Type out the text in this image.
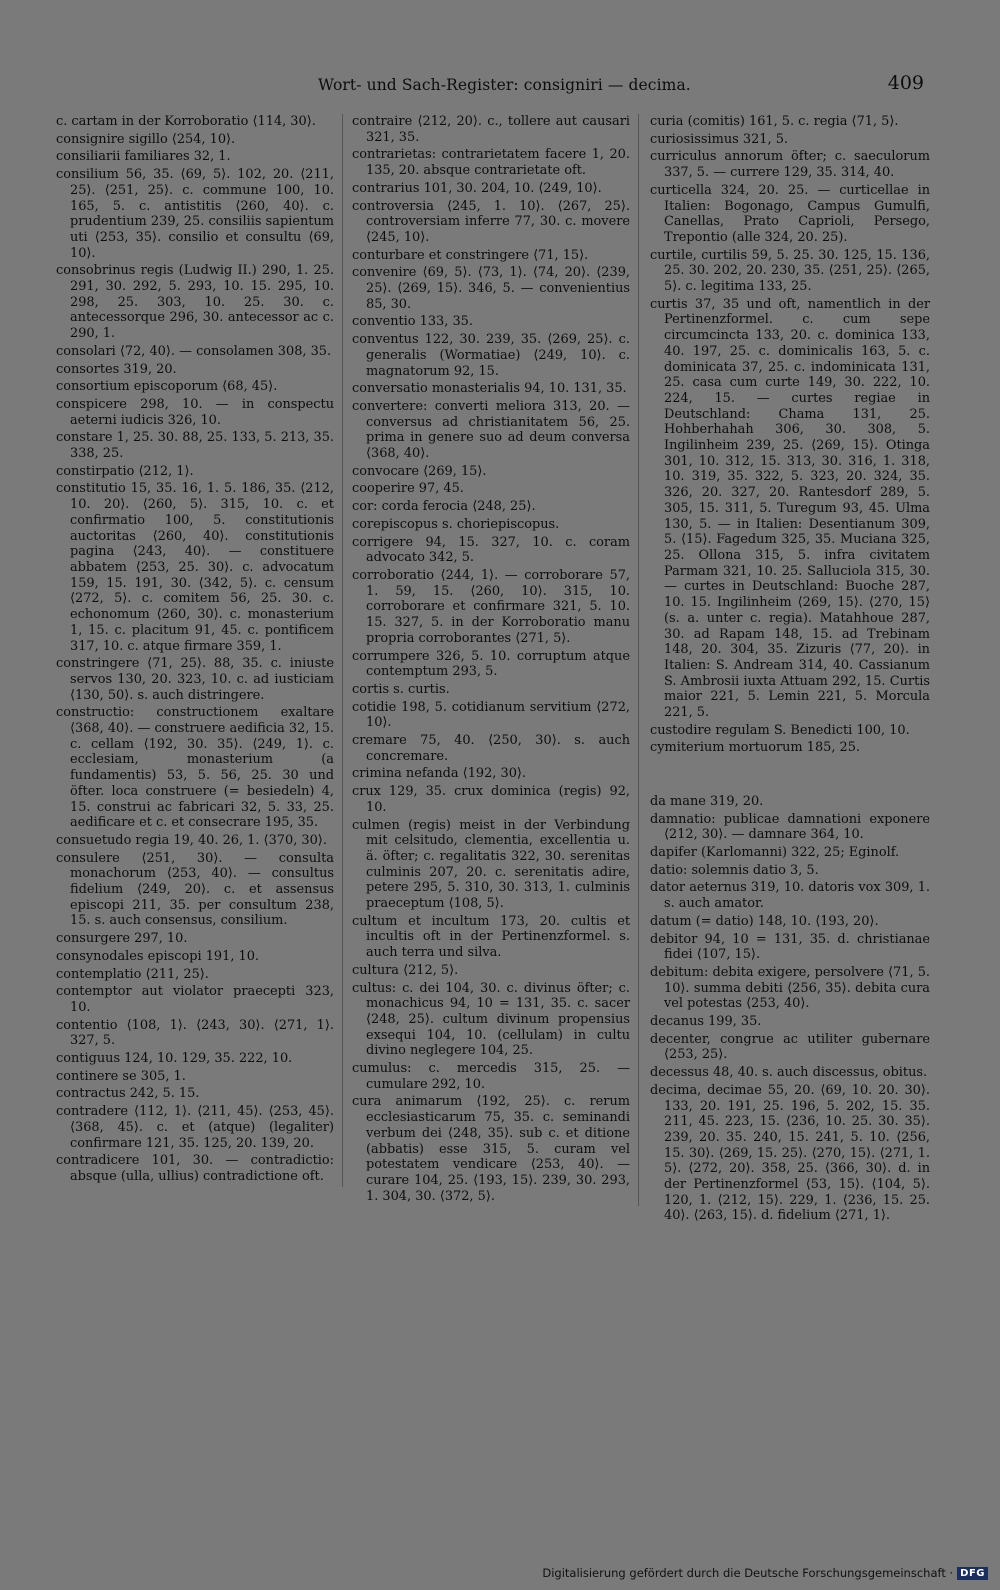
Wort- und Sach-Register: consigniri — decima.	409

c. cartam in der Korroboratio ⟨114, 30⟩.

consignire sigillo ⟨254, 10⟩.

consiliarii familiares 32, 1.

consilium 56, 35. ⟨69, 5⟩. 102, 20. ⟨211, 25⟩. ⟨251, 25⟩. c. commune 100, 10. 165, 5. c. antistitis ⟨260, 40⟩. c. prudentium 239, 25. consiliis sapientum uti ⟨253, 35⟩. consilio et consultu ⟨69, 10⟩.

consobrinus regis (Ludwig II.) 290, 1. 25. 291, 30. 292, 5. 293, 10. 15. 295, 10. 298, 25. 303, 10. 25. 30. c. antecessorque 296, 30. antecessor ac c. 290, 1.

consolari ⟨72, 40⟩. — consolamen 308, 35.

consortes 319, 20.

consortium episcoporum ⟨68, 45⟩.

conspicere 298, 10. — in conspectu aeterni iudicis 326, 10.

constare 1, 25. 30. 88, 25. 133, 5. 213, 35. 338, 25.

constirpatio ⟨212, 1⟩.

constitutio 15, 35. 16, 1. 5. 186, 35. ⟨212, 10. 20⟩. ⟨260, 5⟩. 315, 10. c. et confirmatio 100, 5. constitutionis auctoritas ⟨260, 40⟩. constitutionis pagina ⟨243, 40⟩. — constituere abbatem ⟨253, 25. 30⟩. c. advocatum 159, 15. 191, 30. ⟨342, 5⟩. c. censum ⟨272, 5⟩. c. comitem 56, 25. 30. c. echonomum ⟨260, 30⟩. c. monasterium 1, 15. c. placitum 91, 45. c. pontificem 317, 10. c. atque firmare 359, 1.

constringere ⟨71, 25⟩. 88, 35. c. iniuste servos 130, 20. 323, 10. c. ad iusticiam ⟨130, 50⟩. s. auch distringere.

constructio: constructionem exaltare ⟨368, 40⟩. — construere aedificia 32, 15. c. cellam ⟨192, 30. 35⟩. ⟨249, 1⟩. c. ecclesiam, monasterium (a fundamentis) 53, 5. 56, 25. 30 und öfter. loca construere (= besiedeln) 4, 15. construi ac fabricari 32, 5. 33, 25. aedificare et c. et consecrare 195, 35.

consuetudo regia 19, 40. 26, 1. ⟨370, 30⟩.

consulere ⟨251, 30⟩. — consulta monachorum ⟨253, 40⟩. — consultus fidelium ⟨249, 20⟩. c. et assensus episcopi 211, 35. per consultum 238, 15. s. auch consensus, consilium.

consurgere 297, 10.

consynodales episcopi 191, 10.

contemplatio ⟨211, 25⟩.

contemptor aut violator praecepti 323, 10.

contentio ⟨108, 1⟩. ⟨243, 30⟩. ⟨271, 1⟩. 327, 5.

contiguus 124, 10. 129, 35. 222, 10.

continere se 305, 1.

contractus 242, 5. 15.

contradere ⟨112, 1⟩. ⟨211, 45⟩. ⟨253, 45⟩. ⟨368, 45⟩. c. et (atque) (legaliter) confirmare 121, 35. 125, 20. 139, 20.

contradicere 101, 30. — contradictio: absque (ulla, ullius) contradictione oft.

contraire ⟨212, 20⟩. c., tollere aut causari 321, 35.

contrarietas: contrarietatem facere 1, 20. 135, 20. absque contrarietate oft.

contrarius 101, 30. 204, 10. ⟨249, 10⟩.

controversia ⟨245, 1. 10⟩. ⟨267, 25⟩. controversiam inferre 77, 30. c. movere ⟨245, 10⟩.

conturbare et constringere ⟨71, 15⟩.

convenire ⟨69, 5⟩. ⟨73, 1⟩. ⟨74, 20⟩. ⟨239, 25⟩. ⟨269, 15⟩. 346, 5. — convenientius 85, 30.

conventio 133, 35.

conventus 122, 30. 239, 35. ⟨269, 25⟩. c. generalis (Wormatiae) ⟨249, 10⟩. c. magnatorum 92, 15.

conversatio monasterialis 94, 10. 131, 35.

convertere: converti meliora 313, 20. — conversus ad christianitatem 56, 25. prima in genere suo ad deum conversa ⟨368, 40⟩.

convocare ⟨269, 15⟩.

cooperire 97, 45.

cor: corda ferocia ⟨248, 25⟩.

corepiscopus s. choriepiscopus.

corrigere 94, 15. 327, 10. c. coram advocato 342, 5.

corroboratio ⟨244, 1⟩. — corroborare 57, 1. 59, 15. ⟨260, 10⟩. 315, 10. corroborare et confirmare 321, 5. 10. 15. 327, 5. in der Korroboratio manu propria corroborantes ⟨271, 5⟩.

corrumpere 326, 5. 10. corruptum atque contemptum 293, 5.

cortis s. curtis.

cotidie 198, 5. cotidianum servitium ⟨272, 10⟩.

cremare 75, 40. ⟨250, 30⟩. s. auch concremare.

crimina nefanda ⟨192, 30⟩.

crux 129, 35. crux dominica (regis) 92, 10.

culmen (regis) meist in der Verbindung mit celsitudo, clementia, excellentia u. ä. öfter; c. regalitatis 322, 30. serenitas culminis 207, 20. c. serenitatis adire, petere 295, 5. 310, 30. 313, 1. culminis praeceptum ⟨108, 5⟩.

cultum et incultum 173, 20. cultis et incultis oft in der Pertinenzformel. s. auch terra und silva.

cultura ⟨212, 5⟩.

cultus: c. dei 104, 30. c. divinus öfter; c. monachicus 94, 10 = 131, 35. c. sacer ⟨248, 25⟩. cultum divinum propensius exsequi 104, 10. (cellulam) in cultu divino neglegere 104, 25.

cumulus: c. mercedis 315, 25. — cumulare 292, 10.

cura animarum ⟨192, 25⟩. c. rerum ecclesiasticarum 75, 35. c. seminandi verbum dei ⟨248, 35⟩. sub c. et ditione (abbatis) esse 315, 5. curam vel potestatem vendicare ⟨253, 40⟩. — curare 104, 25. ⟨193, 15⟩. 239, 30. 293, 1. 304, 30. ⟨372, 5⟩.

curia (comitis) 161, 5. c. regia ⟨71, 5⟩.

curiosissimus 321, 5.

curriculus annorum öfter; c. saeculorum 337, 5. — currere 129, 35. 314, 40.

curticella 324, 20. 25. — curticellae in Italien: Bogonago, Campus Gumulfi, Canellas, Prato Caprioli, Persego, Trepontio (alle 324, 20. 25).

curtile, curtilis 59, 5. 25. 30. 125, 15. 136, 25. 30. 202, 20. 230, 35. ⟨251, 25⟩. ⟨265, 5⟩. c. legitima 133, 25.

curtis 37, 35 und oft, namentlich in der Pertinenzformel. c. cum sepe circumcincta 133, 20. c. dominica 133, 40. 197, 25. c. dominicalis 163, 5. c. dominicata 37, 25. c. indominicata 131, 25. casa cum curte 149, 30. 222, 10. 224, 15. — curtes regiae in Deutschland: Chama 131, 25. Hohberhahah 306, 30. 308, 5. Ingilinheim 239, 25. ⟨269, 15⟩. Otinga 301, 10. 312, 15. 313, 30. 316, 1. 318, 10. 319, 35. 322, 5. 323, 20. 324, 35. 326, 20. 327, 20. Rantesdorf 289, 5. 305, 15. 311, 5. Turegum 93, 45. Ulma 130, 5. — in Italien: Desentianum 309, 5. ⟨15⟩. Fagedum 325, 35. Muciana 325, 25. Ollona 315, 5. infra civitatem Parmam 321, 10. 25. Salluciola 315, 30. — curtes in Deutschland: Buoche 287, 10. 15. Ingilinheim ⟨269, 15⟩. ⟨270, 15⟩ (s. a. unter c. regia). Matahhoue 287, 30. ad Rapam 148, 15. ad Trebinam 148, 20. 304, 35. Zizuris ⟨77, 20⟩. in Italien: S. Andream 314, 40. Cassianum S. Ambrosii iuxta Attuam 292, 15. Curtis maior 221, 5. Lemin 221, 5. Morcula 221, 5.

custodire regulam S. Benedicti 100, 10.

cymiterium mortuorum 185, 25.

da mane 319, 20.

damnatio: publicae damnationi exponere ⟨212, 30⟩. — damnare 364, 10.

dapifer (Karlomanni) 322, 25; Eginolf.

datio: solemnis datio 3, 5.

dator aeternus 319, 10. datoris vox 309, 1. s. auch amator.

datum (= datio) 148, 10. ⟨193, 20⟩.

debitor 94, 10 = 131, 35. d. christianae fidei ⟨107, 15⟩.

debitum: debita exigere, persolvere ⟨71, 5. 10⟩. summa debiti ⟨256, 35⟩. debita cura vel potestas ⟨253, 40⟩.

decanus 199, 35.

decenter, congrue ac utiliter gubernare ⟨253, 25⟩.

decessus 48, 40. s. auch discessus, obitus.

decima, decimae 55, 20. ⟨69, 10. 20. 30⟩. 133, 20. 191, 25. 196, 5. 202, 15. 35. 211, 45. 223, 15. ⟨236, 10. 25. 30. 35⟩. 239, 20. 35. 240, 15. 241, 5. 10. ⟨256, 15. 30⟩. ⟨269, 15. 25⟩. ⟨270, 15⟩. ⟨271, 1. 5⟩. ⟨272, 20⟩. 358, 25. ⟨366, 30⟩. d. in der Pertinenzformel ⟨53, 15⟩. ⟨104, 5⟩. 120, 1. ⟨212, 15⟩. 229, 1. ⟨236, 15. 25. 40⟩. ⟨263, 15⟩. d. fidelium ⟨271, 1⟩.

Digitalisierung gefördert durch die Deutsche Forschungsgemeinschaft · DFG
